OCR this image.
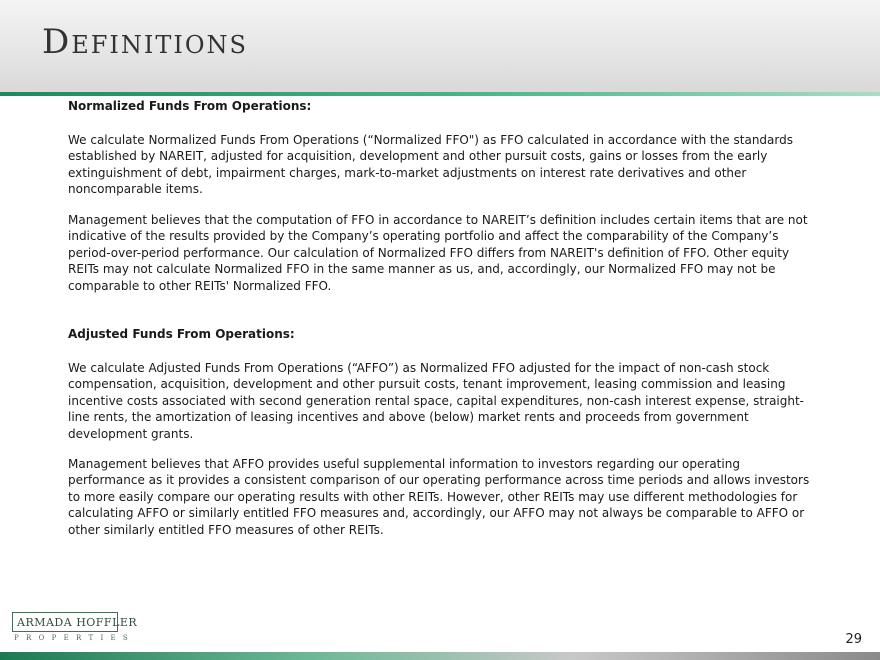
Definitions
Normalized Funds From Operations:

We calculate Normalized Funds From Operations (“Normalized FFO") as FFO calculated in accordance with the standards established by NAREIT, adjusted for acquisition, development and other pursuit costs, gains or losses from the early extinguishment of debt, impairment charges, mark-to-market adjustments on interest rate derivatives and other noncomparable items.

Management believes that the computation of FFO in accordance to NAREIT’s definition includes certain items that are not indicative of the results provided by the Company’s operating portfolio and affect the comparability of the Company’s period-over-period performance. Our calculation of Normalized FFO differs from NAREIT's definition of FFO. Other equity REITs may not calculate Normalized FFO in the same manner as us, and, accordingly, our Normalized FFO may not be comparable to other REITs' Normalized FFO.

Adjusted Funds From Operations:

We calculate Adjusted Funds From Operations (“AFFO”) as Normalized FFO adjusted for the impact of non-cash stock compensation, acquisition, development and other pursuit costs, tenant improvement, leasing commission and leasing incentive costs associated with second generation rental space, capital expenditures, non-cash interest expense, straight-line rents, the amortization of leasing incentives and above (below) market rents and proceeds from government development grants.

Management believes that AFFO provides useful supplemental information to investors regarding our operating performance as it provides a consistent comparison of our operating performance across time periods and allows investors to more easily compare our operating results with other REITs. However, other REITs may use different methodologies for calculating AFFO or similarly entitled FFO measures and, accordingly, our AFFO may not always be comparable to AFFO or other similarly entitled FFO measures of other REITs.

ARMADA HOFFLER
PROPERTIES	29
